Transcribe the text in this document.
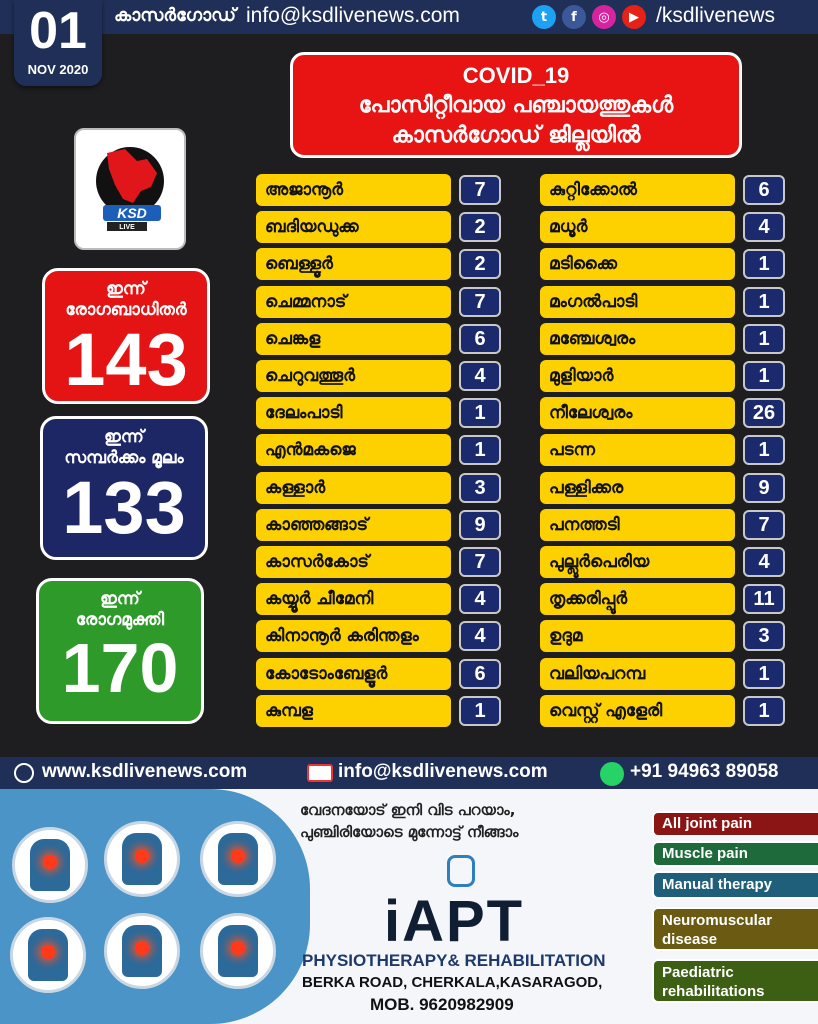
കാസർഗോഡ് info@ksdlivenews.com	t	f	◎	▶ /ksdlivenews
01
NOV 2020	COVID_19
പോസിറ്റീവായ പഞ്ചായത്തുകൾ
കാസർഗോഡ് ജില്ലയിൽ
KSD
LIVE
ഇന്ന്
രോഗബാധിതർ
143
ഇന്ന്
സമ്പർക്കം മൂലം
133
ഇന്ന്
രോഗമുക്തി
170
അജാനൂർ	7
ബദിയഡുക്ക	2
ബെള്ളൂർ	2
ചെമ്മനാട്	7
ചെങ്കള	6
ചെറുവത്തൂർ	4
ദേലംപാടി	1
എൻമകജെ	1
കള്ളാർ	3
കാഞ്ഞങ്ങാട്	9
കാസർകോട്	7
കയ്യൂർ ചീമേനി	4
കിനാനൂർ കരിന്തളം	4
കോടോംബേളൂർ	6
കുമ്പള	1
കുറ്റിക്കോൽ	6
മധൂർ	4
മടിക്കൈ	1
മംഗൽപാടി	1
മഞ്ചേശ്വരം	1
മുളിയാർ	1
നീലേശ്വരം	26
പടന്ന	1
പള്ളിക്കര	9
പനത്തടി	7
പുല്ലൂർപെരിയ	4
തൃക്കരിപ്പൂർ	11
ഉദുമ	3
വലിയപറമ്പ	1
വെസ്റ്റ് എളേരി	1
www.ksdlivenews.com	info@ksdlivenews.com	+91 94963 89058
വേദനയോട് ഇനി വിട പറയാം,
പുഞ്ചിരിയോടെ മുന്നോട്ട് നീങ്ങാം
iAPT
PHYSIOTHERAPY& REHABILITATION
BERKA ROAD, CHERKALA,KASARAGOD,
MOB. 9620982909
All joint pain
Muscle pain
Manual therapy
Neuromuscular disease
Paediatric rehabilitations
